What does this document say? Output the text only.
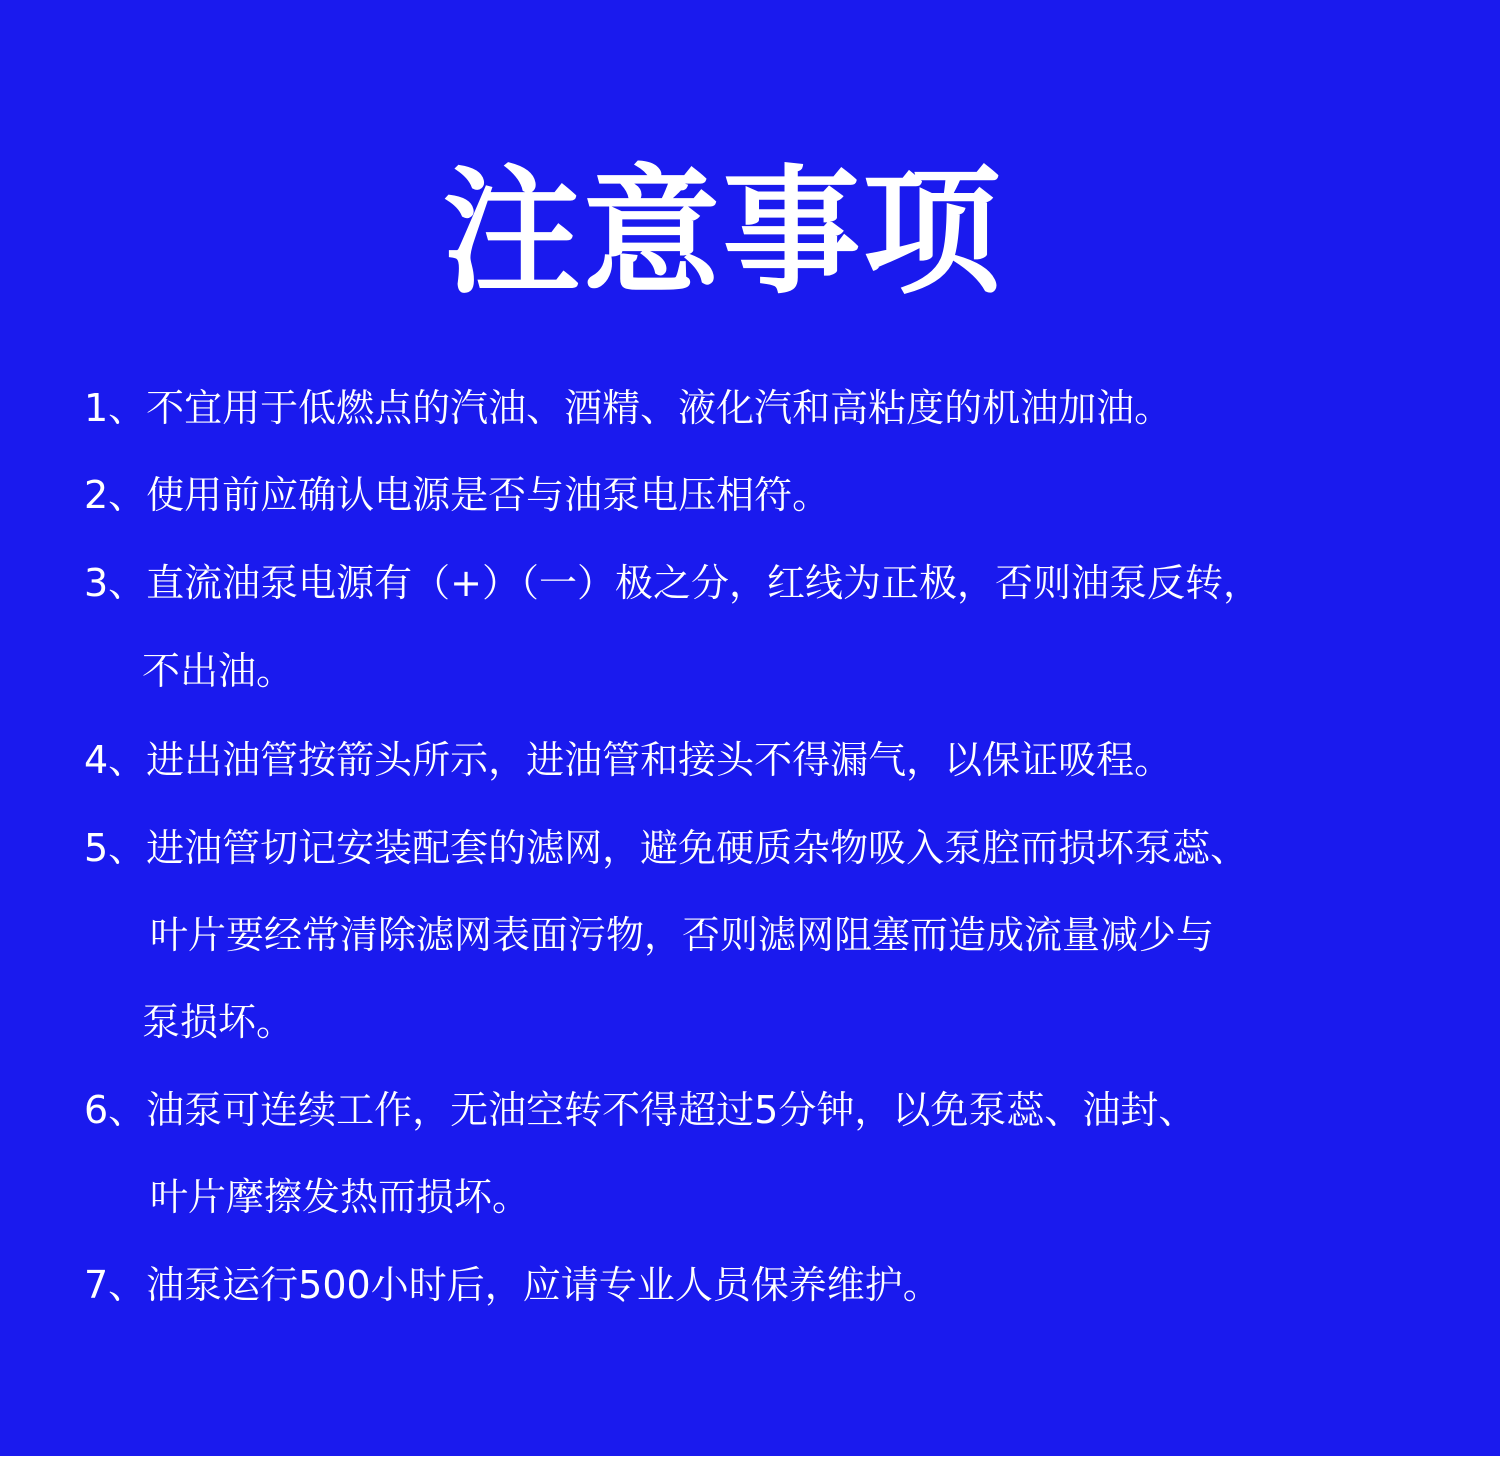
注意事项
1、不宜用于低燃点的汽油、酒精、液化汽和高粘度的机油加油。
2、使用前应确认电源是否与油泵电压相符。
3、直流油泵电源有（+）（一）极之分，红线为正极，否则油泵反转，
不出油。
4、进出油管按箭头所示，进油管和接头不得漏气，以保证吸程。
5、进油管切记安装配套的滤网，避免硬质杂物吸入泵腔而损坏泵蕊、
叶片要经常清除滤网表面污物，否则滤网阻塞而造成流量减少与
泵损坏。
6、油泵可连续工作，无油空转不得超过5分钟，以免泵蕊、油封、
叶片摩擦发热而损坏。
7、油泵运行500小时后，应请专业人员保养维护。
